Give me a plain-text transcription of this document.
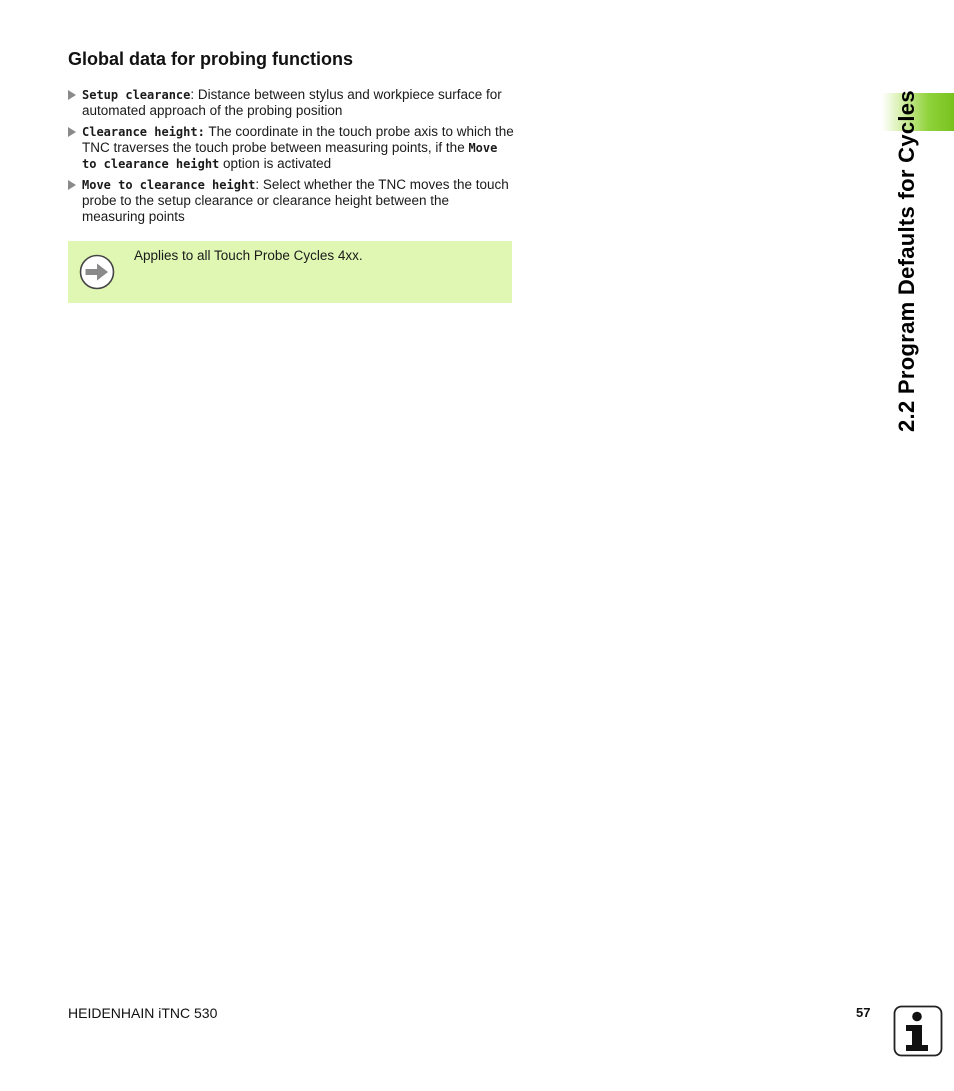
Global data for probing functions
Setup clearance: Distance between stylus and workpiece surface for automated approach of the probing position
Clearance height: The coordinate in the touch probe axis to which the TNC traverses the touch probe between measuring points, if the Move to clearance height option is activated
Move to clearance height: Select whether the TNC moves the touch probe to the setup clearance or clearance height between the measuring points
Applies to all Touch Probe Cycles 4xx.	2.2 Program Defaults for Cycles
HEIDENHAIN iTNC 530	57
